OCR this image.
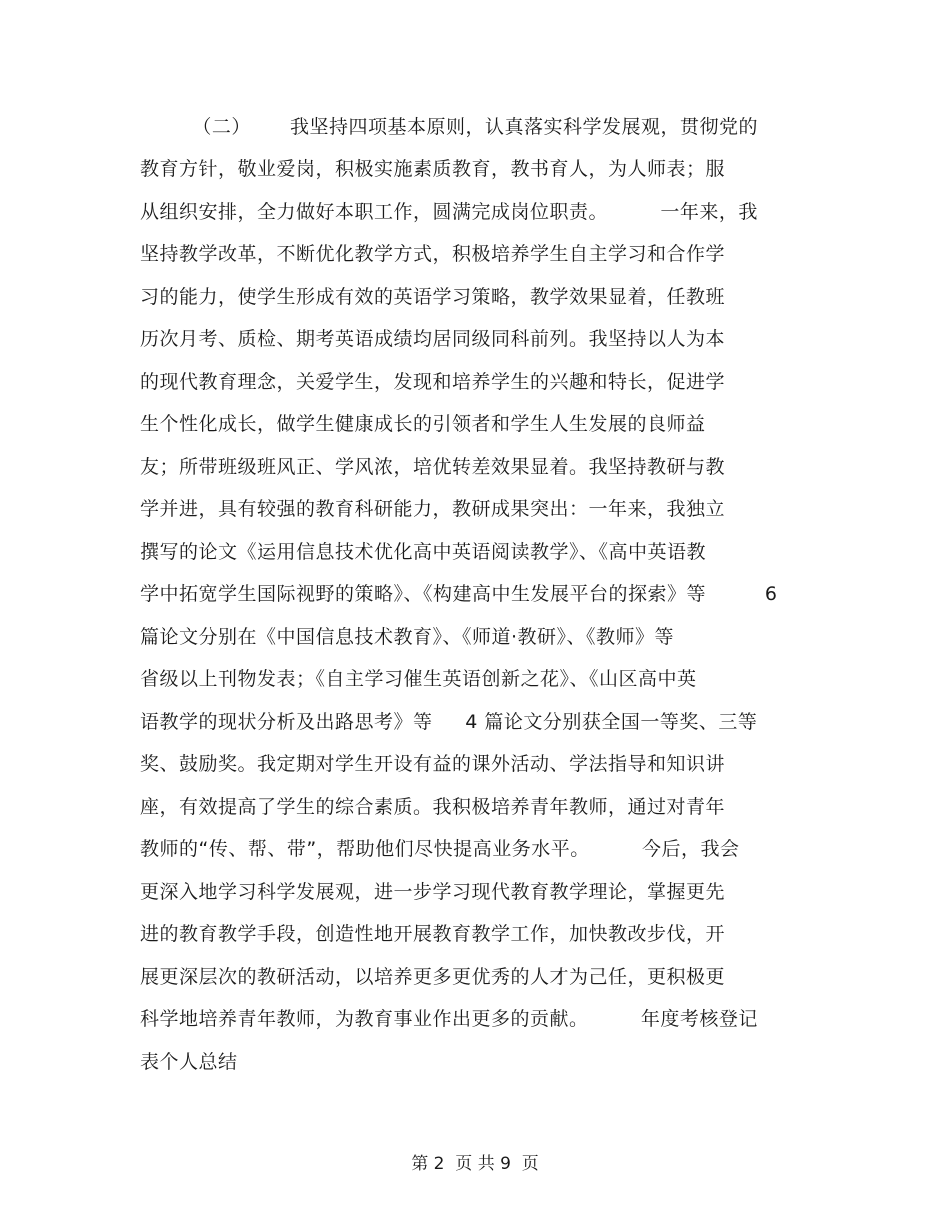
（二）      我坚持四项基本原则，认真落实科学发展观，贯彻党的
教育方针，敬业爱岗，积极实施素质教育，教书育人，为人师表；服
从组织安排，全力做好本职工作，圆满完成岗位职责。        一年来，我
坚持教学改革，不断优化教学方式，积极培养学生自主学习和合作学
习的能力，使学生形成有效的英语学习策略，教学效果显着，任教班
历次月考、质检、期考英语成绩均居同级同科前列。我坚持以人为本
的现代教育理念，关爱学生，发现和培养学生的兴趣和特长，促进学
生个性化成长，做学生健康成长的引领者和学生人生发展的良师益
友；所带班级班风正、学风浓，培优转差效果显着。我坚持教研与教
学并进，具有较强的教育科研能力，教研成果突出：一年来，我独立
撰写的论文《运用信息技术优化高中英语阅读教学》、《高中英语教
学中拓宽学生国际视野的策略》、《构建高中生发展平台的探索》等         6
篇论文分别在《中国信息技术教育》、《师道·教研》、《教师》等
省级以上刊物发表；《自主学习催生英语创新之花》、《山区高中英
语教学的现状分析及出路思考》等     4 篇论文分别获全国一等奖、三等
奖、鼓励奖。我定期对学生开设有益的课外活动、学法指导和知识讲
座，有效提高了学生的综合素质。我积极培养青年教师，通过对青年
教师的“传、帮、带”，帮助他们尽快提高业务水平。        今后，我会
更深入地学习科学发展观，进一步学习现代教育教学理论，掌握更先
进的教育教学手段，创造性地开展教育教学工作，加快教改步伐，开
展更深层次的教研活动，以培养更多更优秀的人才为己任，更积极更
科学地培养青年教师，为教育事业作出更多的贡献。        年度考核登记
表个人总结
第 2  页 共 9  页
